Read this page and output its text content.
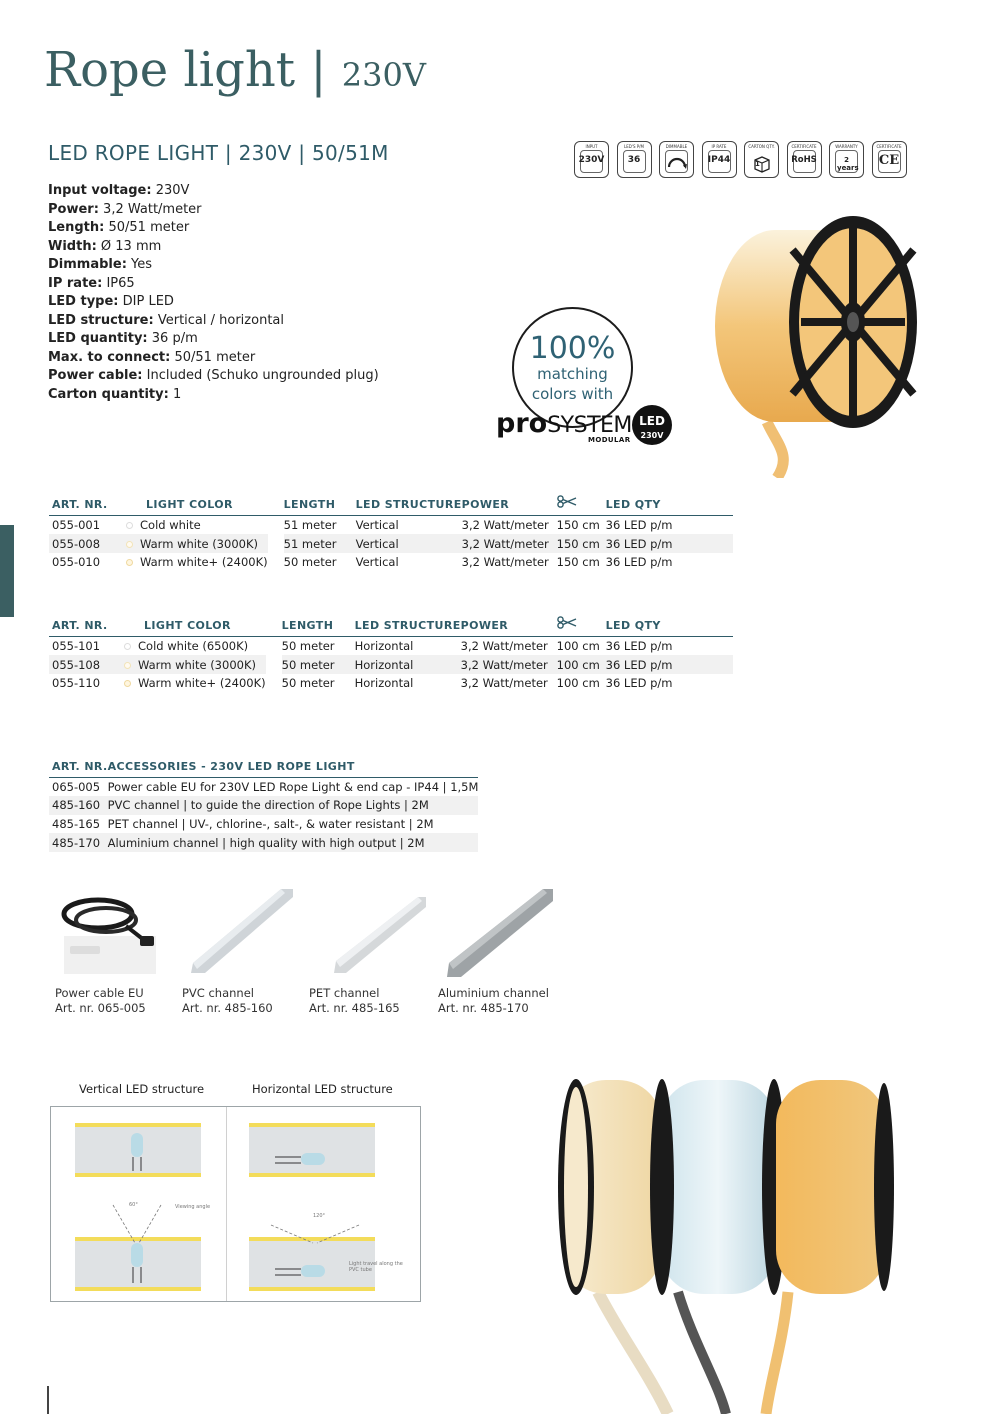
Rope light | 230V
LED ROPE LIGHT | 230V | 50/51M	INPUT
230V
LED'S P/M
36
DIMMABLE	IP RATE
IP44
CARTON QTY.
1
CERTIFICATE
RoHS
WARRANTY
2 years
CERTIFICATE
CE
Input voltage: 230V
Power: 3,2 Watt/meter
Length: 50/51 meter
Width: Ø 13 mm
Dimmable: Yes
IP rate: IP65
LED type: DIP LED
LED structure: Vertical / horizontal
LED quantity: 36 p/m
Max. to connect: 50/51 meter
Power cable: Included (Schuko ungrounded plug)
Carton quantity: 1
100%
matching
colors with
proSYSTEM
MODULAR
LED
230V
ART. NR.	LIGHT COLOR	LENGTH	LED STRUCTURE	POWER		LED QTY
055-001	Cold white	51 meter	Vertical	3,2 Watt/meter	150 cm	36 LED p/m
055-008	Warm white (3000K)	51 meter	Vertical	3,2 Watt/meter	150 cm	36 LED p/m
055-010	Warm white+ (2400K)	50 meter	Vertical	3,2 Watt/meter	150 cm	36 LED p/m
ART. NR.	LIGHT COLOR	LENGTH	LED STRUCTURE	POWER		LED QTY
055-101	Cold white (6500K)	50 meter	Horizontal	3,2 Watt/meter	100 cm	36 LED p/m
055-108	Warm white (3000K)	50 meter	Horizontal	3,2 Watt/meter	100 cm	36 LED p/m
055-110	Warm white+ (2400K)	50 meter	Horizontal	3,2 Watt/meter	100 cm	36 LED p/m
ART. NR.	ACCESSORIES - 230V LED ROPE LIGHT
065-005	Power cable EU for 230V LED Rope Light & end cap - IP44 | 1,5M
485-160	PVC channel | to guide the direction of Rope Lights | 2M
485-165	PET channel | UV-, chlorine-, salt-, & water resistant | 2M
485-170	Aluminium channel | high quality with high output | 2M
Power cable EU
Art. nr. 065-005
PVC channel
Art. nr. 485-160
PET channel
Art. nr. 485-165
Aluminium channel
Art. nr. 485-170
Vertical LED structure	Horizontal LED structure
60°	Viewing angle
120°
Light travel along the PVC tube
